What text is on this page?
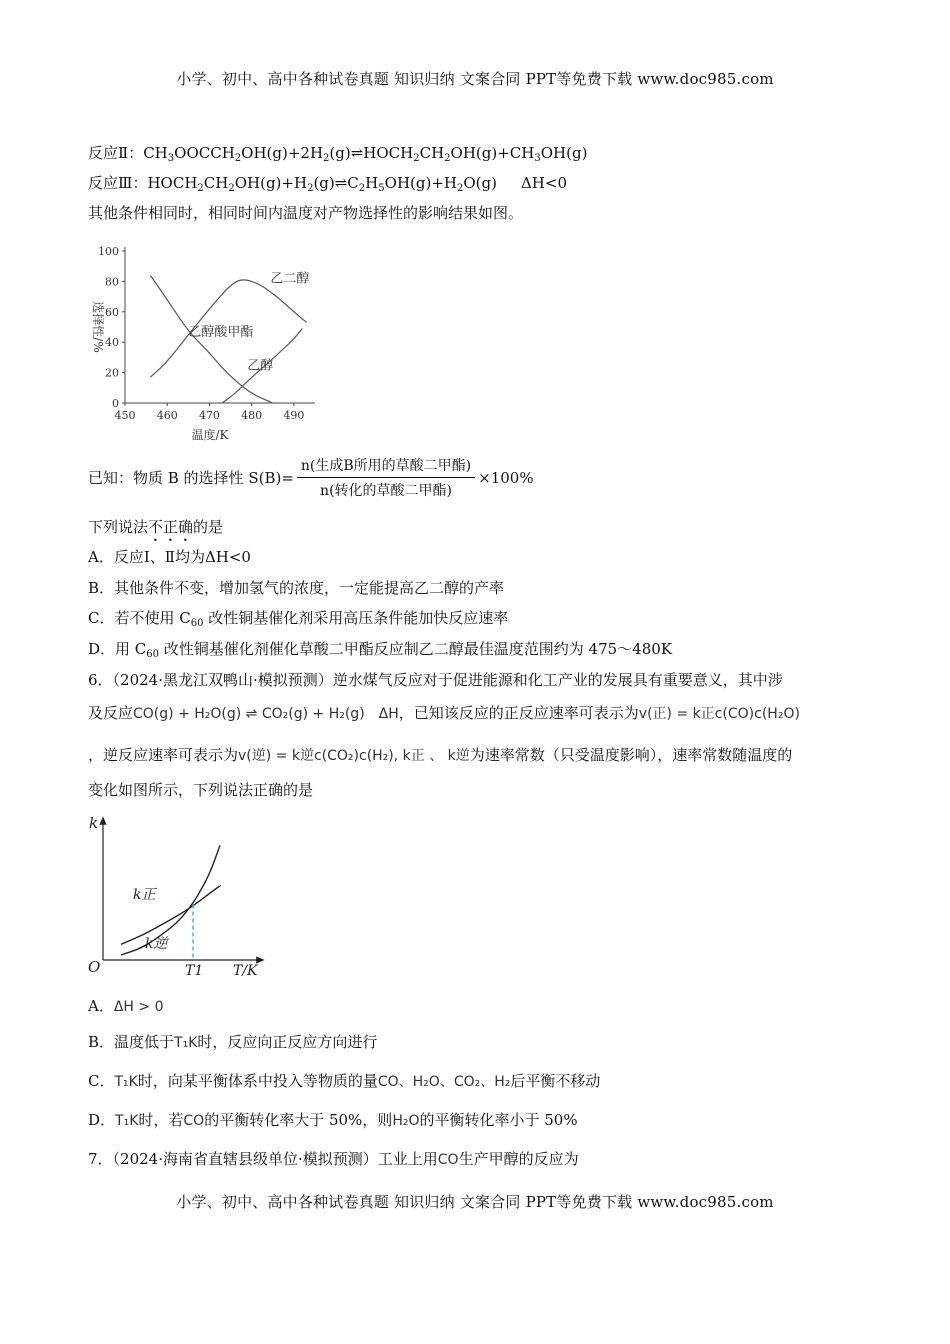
小学、初中、高中各种试卷真题 知识归纳 文案合同 PPT等免费下载 www.doc985.com
反应Ⅱ：$CH_3OOCCH_2OH(g)+2H_2(g)\rightleftharpoons HOCH_2CH_2OH(g)+CH_3OH(g)$
反应Ⅲ：$HOCH_2CH_2OH(g)+H_2(g)\rightleftharpoons C_2H_5OH(g)+H_2O(g)$ ΔH<0
其他条件相同时，相同时间内温度对产物选择性的影响结果如图。
450 460 470 480 490
0
20
40
60
80
100
选择性/%
温度/K
乙二醇
乙醇酸甲酯
乙醇
已知：物质 B 的选择性 $S(B)= \frac{\text{n(生成B所用的草酸二甲酯)}}{\text{n(转化的草酸二甲酯)}} \times 100\%$
下列说法不正确的是
A．反应Ⅰ、Ⅱ均为ΔH<0
B．其他条件不变，增加氢气的浓度，一定能提高乙二醇的产率
C．若不使用 $C_{60}$ 改性铜基催化剂采用高压条件能加快反应速率
D．用 $C_{60}$ 改性铜基催化剂催化草酸二甲酯反应制乙二醇最佳温度范围约为 475～480K
6．（2024·黑龙江双鸭山·模拟预测）逆水煤气反应对于促进能源和化工产业的发展具有重要意义，其中涉
及反应CO(g) + H₂O(g) ⇌ CO₂(g) + H₂(g) ΔH，已知该反应的正反应速率可表示为v(正) = k正c(CO)c(H₂O)
，逆反应速率可表示为v(逆) = k逆c(CO₂)c(H₂), k正 、 k逆为速率常数（只受温度影响），速率常数随温度的
变化如图所示，下列说法正确的是
k
T/K
O	T1
k正
k逆
A．ΔH > 0
B．温度低于T₁K时，反应向正反应方向进行
C．T₁K时，向某平衡体系中投入等物质的量CO、H₂O、CO₂、H₂后平衡不移动
D．T₁K时，若CO的平衡转化率大于 50%，则H₂O的平衡转化率小于 50%
7．（2024·海南省直辖县级单位·模拟预测）工业上用CO生产甲醇的反应为
小学、初中、高中各种试卷真题 知识归纳 文案合同 PPT等免费下载 www.doc985.com
